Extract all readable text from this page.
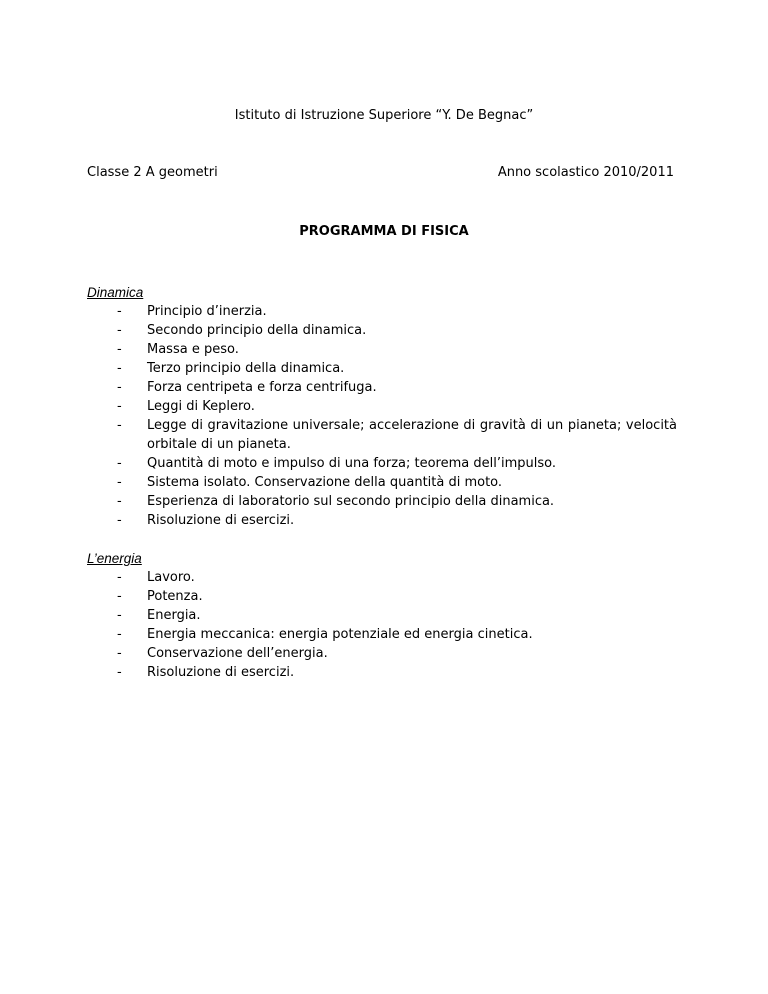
Istituto di Istruzione Superiore “Y. De Begnac”
Classe 2 A geometri	Anno scolastico 2010/2011
PROGRAMMA DI FISICA
Dinamica
- Principio d’inerzia.
- Secondo principio della dinamica.
- Massa e peso.
- Terzo principio della dinamica.
- Forza centripeta e forza centrifuga.
- Leggi di Keplero.
- Legge di gravitazione universale; accelerazione di gravità di un pianeta; velocità orbitale di un pianeta.
- Quantità di moto e impulso di una forza; teorema dell’impulso.
- Sistema isolato. Conservazione della quantità di moto.
- Esperienza di laboratorio sul secondo principio della dinamica.
- Risoluzione di esercizi.
L’energia
- Lavoro.
- Potenza.
- Energia.
- Energia meccanica: energia potenziale ed energia cinetica.
- Conservazione dell’energia.
- Risoluzione di esercizi.
